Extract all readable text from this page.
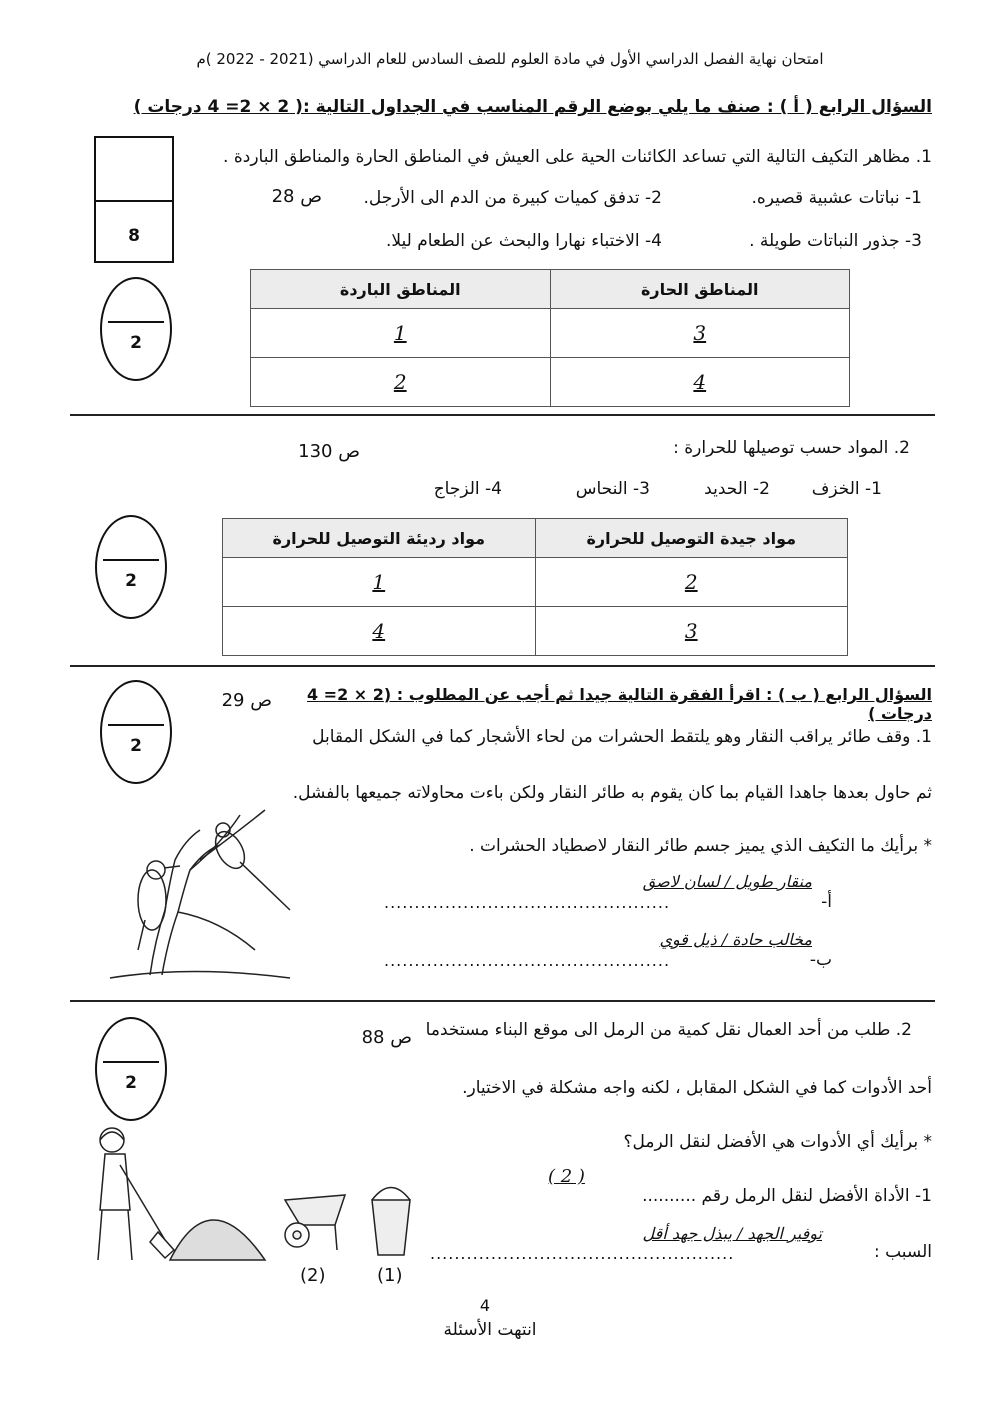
امتحان نهاية الفصل الدراسي الأول في مادة العلوم للصف السادس للعام الدراسي (2021 - 2022 )م
السؤال الرابع ( أ ) : صنف ما يلي بوضع الرقم المناسب في الجداول التالية :( 2 × 2= 4 درجات )
8
1. مظاهر التكيف التالية التي تساعد الكائنات الحية على العيش في المناطق الحارة والمناطق الباردة .
1- نباتات عشبية قصيره.
2- تدفق كميات كبيرة من الدم الى الأرجل.
ص 28
3- جذور النباتات طويلة .
4- الاختباء نهارا والبحث عن الطعام ليلا.
2
المناطق الحارة	المناطق الباردة
3	1
4	2
2. المواد حسب توصيلها للحرارة :
ص 130
1- الخزف
2- الحديد
3- النحاس
4- الزجاج
2
مواد جيدة التوصيل للحرارة	مواد رديئة التوصيل للحرارة
2	1
3	4
السؤال الرابع ( ب ) : اقرأ الفقرة التالية جيدا ثم أجب عن المطلوب : (2 × 2= 4 درجات )
ص 29
2	1. وقف طائر يراقب النقار وهو يلتقط الحشرات من لحاء الأشجار كما في الشكل المقابل
ثم حاول بعدها جاهدا القيام بما كان يقوم به طائر النقار ولكن باءت محاولاته جميعها بالفشل.
* برأيك ما التكيف الذي يميز جسم طائر النقار لاصطياد الحشرات .
أ-
منقار طويل / لسان لاصق
...............................................
ب-
مخالب حادة / ذيل قوي
...............................................
2
2. طلب من أحد العمال نقل كمية من الرمل الى موقع البناء مستخدما
ص 88
أحد الأدوات كما في الشكل المقابل ، لكنه واجه مشكلة في الاختيار.
* برأيك أي الأدوات هي الأفضل لنقل الرمل؟
1- الأداة الأفضل لنقل الرمل رقم ..........
( 2 )
السبب :
توفير الجهد / يبذل جهد أقل
..................................................
(2)	(1)
4
انتهت الأسئلة
